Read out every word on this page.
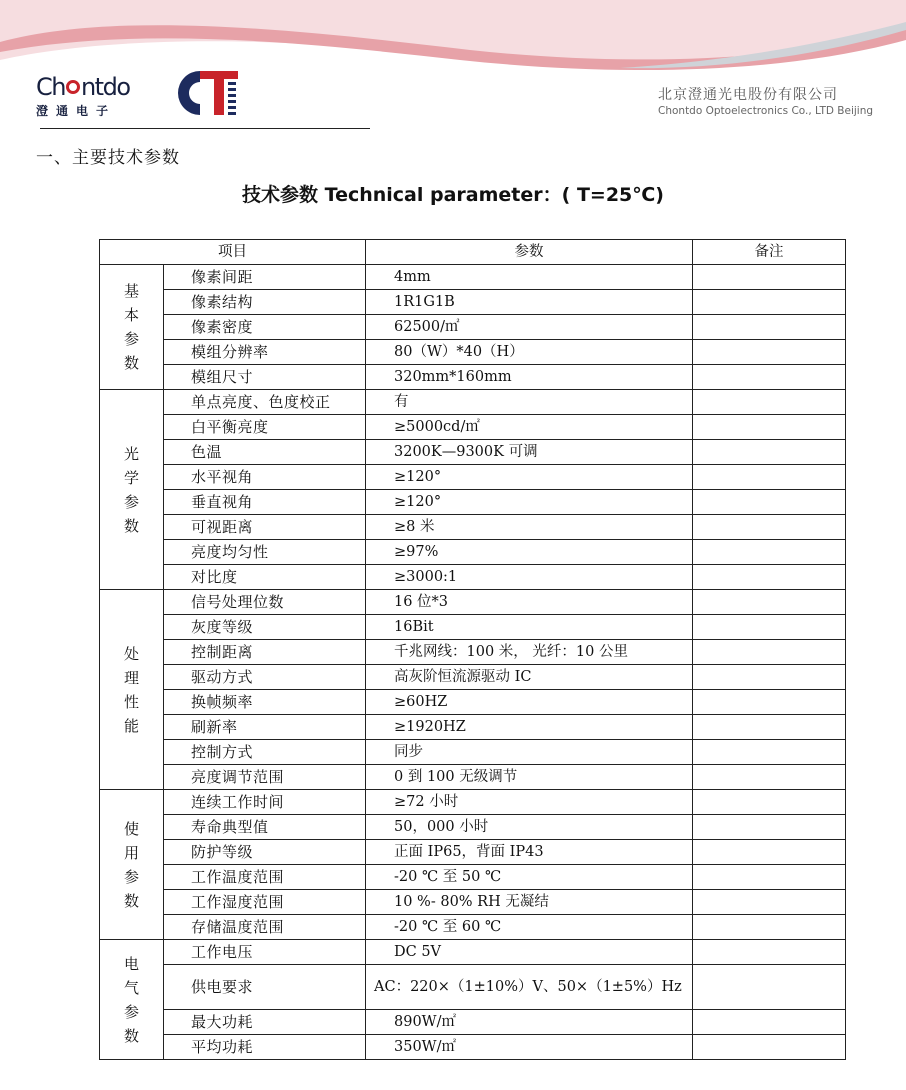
Ch ntdo
澄通电子
北京澄通光电股份有限公司
Chontdo Optoelectronics Co., LTD Beijing
一、主要技术参数
技术参数 Technical parameter：( T=25℃)
项目		参数	备注
基本参数	像素间距	4mm	
	像素结构	1R1G1B	
	像素密度	62500/㎡	
	模组分辨率	80（W）*40（H）	
	模组尺寸	320mm*160mm	
光学参数	单点亮度、色度校正	有	
	白平衡亮度	≥5000cd/㎡	
	色温	3200K—9300K 可调	
	水平视角	≥120°	
	垂直视角	≥120°	
	可视距离	≥8 米	
	亮度均匀性	≥97%	
	对比度	≥3000:1	
处理性能	信号处理位数	16 位*3	
	灰度等级	16Bit	
	控制距离	千兆网线：100 米， 光纤：10 公里	
	驱动方式	高灰阶恒流源驱动 IC	
	换帧频率	≥60HZ	
	刷新率	≥1920HZ	
	控制方式	同步	
	亮度调节范围	0 到 100 无级调节	
使用参数	连续工作时间	≥72 小时	
	寿命典型值	50，000 小时	
	防护等级	正面 IP65，背面 IP43	
	工作温度范围	-20 ℃ 至 50 ℃	
	工作湿度范围	10 %- 80% RH 无凝结	
	存储温度范围	-20 ℃ 至 60 ℃	
电气参数	工作电压	DC 5V	
	供电要求	AC：220×（1±10%）V、50×（1±5%）Hz	
	最大功耗	890W/㎡	
	平均功耗	350W/㎡	
